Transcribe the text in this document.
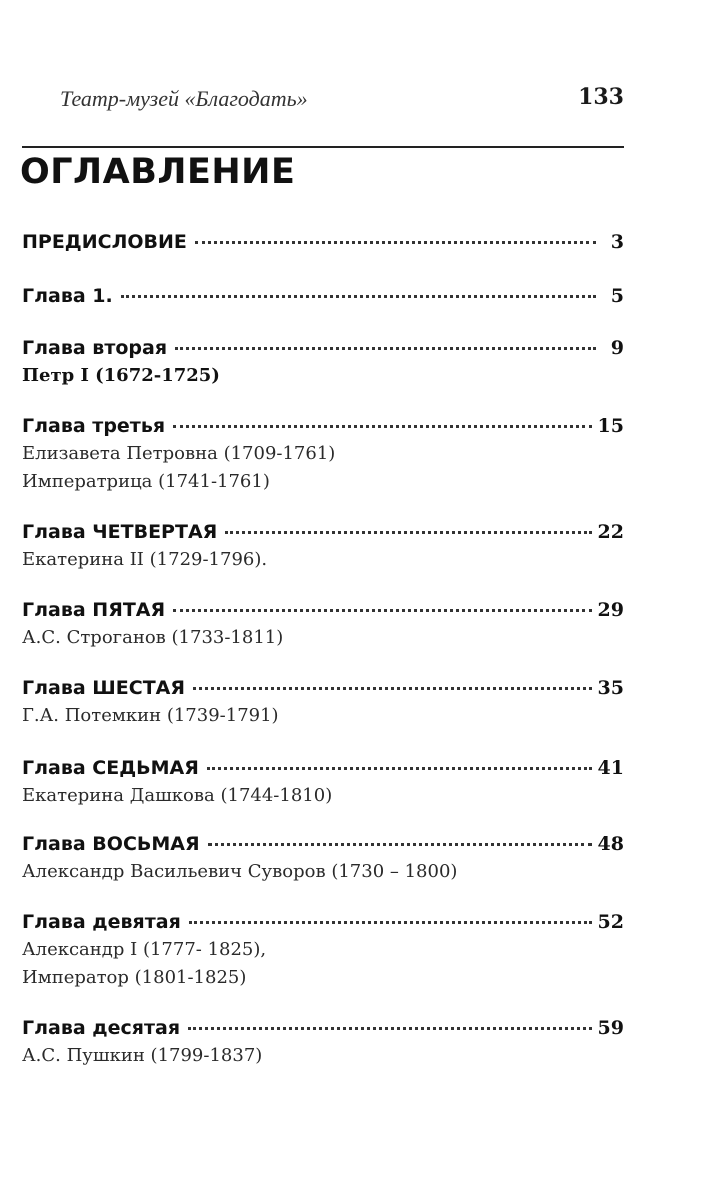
Театр-музей «Благодать»	133
ОГЛАВЛЕНИЕ
ПРЕДИСЛОВИЕ	3
Глава 1.	5
Глава вторая	9
Петр I (1672-1725)
Глава третья	15
Елизавета Петровна (1709-1761)
Императрица (1741-1761)
Глава ЧЕТВЕРТАЯ	22
Екатерина II (1729-1796).
Глава ПЯТАЯ	29
А.С. Строганов (1733-1811)
Глава ШЕСТАЯ	35
Г.А. Потемкин (1739-1791)
Глава СЕДЬМАЯ	41
Екатерина Дашкова (1744-1810)
Глава ВОСЬМАЯ	48
Александр Васильевич Суворов (1730 – 1800)
Глава девятая	52
Александр I (1777- 1825),
Император (1801-1825)
Глава десятая	59
А.С. Пушкин (1799-1837)
